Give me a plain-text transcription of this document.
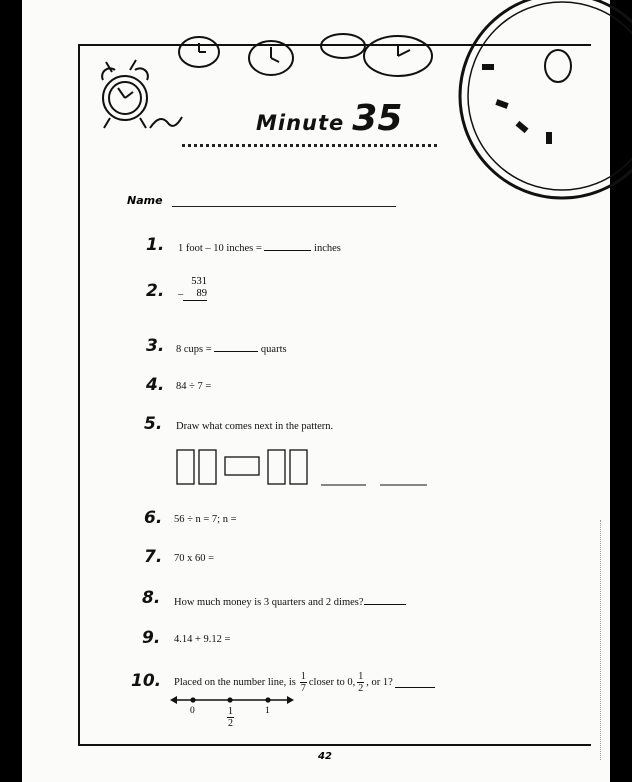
Minute 35
Name
1. 1 foot – 10 inches =	inches
2.	531
89
–
3. 8 cups =	quarts
4. 84 ÷ 7 =
5. Draw what comes next in the pattern.
6. 56 ÷ n = 7; n =
7. 70 x 60 =
8. How much money is 3 quarters and 2 dimes?
9. 4.14 + 9.12 =
10. Placed on the number line, is $\frac{1}{7}$ closer to 0, $\frac{1}{2}$ , or 1?
0	1
$\frac{1}{2}$
42
